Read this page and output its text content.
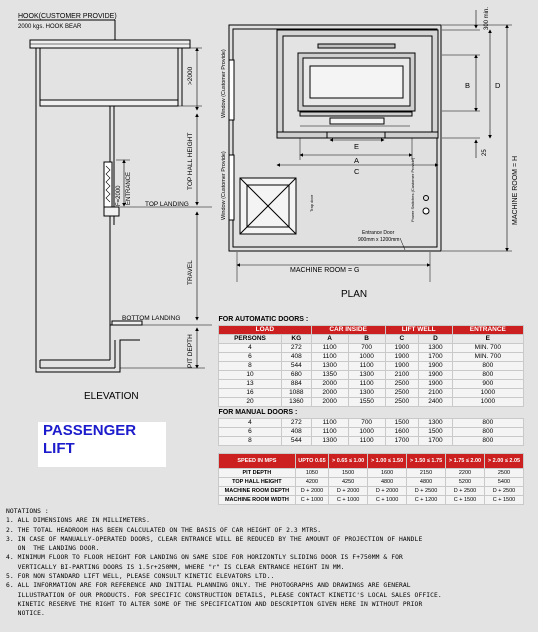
HOOK(CUSTOMER PROVIDE)
2000 kgs. HOOK BEAR
>2000
TOP HALL HEIGHT
F=2000 ENTRANCE TOP LANDING
TRAVEL
BOTTOM LANDING
PIT DEPTH
ELEVATION
Window (Customer Provide)
Window (Customer Provide)
300 min.
B	D
25
E
A
C	MACHINE ROOM = H
Trap door	Power Switches (Customer Provide)
Entrance Door
900mm x 1200mm
MACHINE ROOM = G
PLAN
PASSENGER
LIFT
FOR AUTOMATIC DOORS :						
LOAD		CAR INSIDE		LIFT WELL		ENTRANCE
PERSONS	KG	A	B	C	D	E
4	272	1100	700	1900	1300	MIN. 700
6	408	1100	1000	1900	1700	MIN. 700
8	544	1300	1100	1900	1900	800
10	680	1350	1300	2100	1900	800
13	884	2000	1100	2500	1900	900
16	1088	2000	1300	2500	2100	1000
20	1360	2000	1550	2500	2400	1000
FOR MANUAL DOORS :						
4	272	1100	700	1500	1300	800
6	408	1100	1000	1600	1500	800
8	544	1300	1100	1700	1700	800
SPEED IN MPS	UPTO 0.65	> 0.65 ≤ 1.00	> 1.00 ≤ 1.50	> 1.50 ≤ 1.75	> 1.75 ≤ 2.00	> 2.00 ≤ 2.05
PIT DEPTH	1050	1500	1600	2150	2200	2500
TOP HALL HEIGHT	4200	4250	4800	4800	5200	5400
MACHINE ROOM DEPTH	D + 2000	D + 2000	D + 2000	D + 2500	D + 2500	D + 2500
MACHINE ROOM WIDTH	C + 1000	C + 1000	C + 1000	C + 1200	C + 1500	C + 1500
NOTATIONS :
1. ALL DIMENSIONS ARE IN MILLIMETERS.
2. THE TOTAL HEADROOM HAS BEEN CALCULATED ON THE BASIS OF CAR HEIGHT OF 2.3 MTRS.
3. IN CASE OF MANUALLY-OPERATED DOORS, CLEAR ENTRANCE WILL BE REDUCED BY THE AMOUNT OF PROJECTION OF HANDLE
ON  THE LANDING DOOR.
4. MINIMUM FLOOR TO FLOOR HEIGHT FOR LANDING ON SAME SIDE FOR HORIZONTLY SLIDING DOOR IS F+750MM & FOR
VERTICALLY BI-PARTING DOORS IS 1.5r+250MM, WHERE "r" IS CLEAR ENTRANCE HEIGHT IN MM.
5. FOR NON STANDARD LIFT WELL, PLEASE CONSULT KINETIC ELEVATORS LTD..
6. ALL INFORMATION ARE FOR REFERENCE AND INITIAL PLANNING ONLY. THE PHOTOGRAPHS AND DRAWINGS ARE GENERAL
ILLUSTRATION OF OUR PRODUCTS. FOR SPECIFIC CONSTRUCTION DETAILS, PLEASE CONTACT KINETIC'S LOCAL SALES OFFICE.
KINETIC RESERVE THE RIGHT TO ALTER SOME OF THE SPECIFICATION AND DESCRIPTION GIVEN HERE IN WITHOUT PRIOR
NOTICE.
